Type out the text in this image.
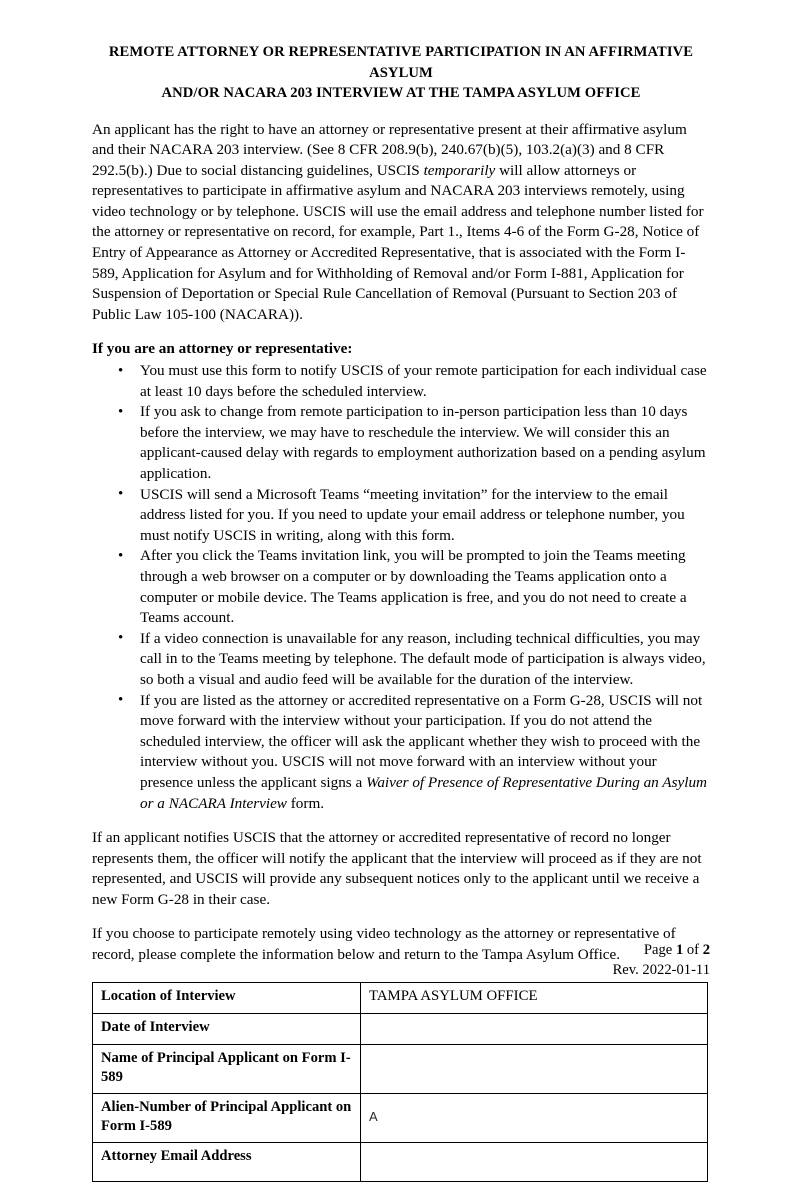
REMOTE ATTORNEY OR REPRESENTATIVE PARTICIPATION IN AN AFFIRMATIVE ASYLUM
AND/OR NACARA 203 INTERVIEW AT THE TAMPA ASYLUM OFFICE

An applicant has the right to have an attorney or representative present at their affirmative asylum and their NACARA 203 interview. (See 8 CFR 208.9(b), 240.67(b)(5), 103.2(a)(3) and 8 CFR 292.5(b).) Due to social distancing guidelines, USCIS temporarily will allow attorneys or representatives to participate in affirmative asylum and NACARA 203 interviews remotely, using video technology or by telephone. USCIS will use the email address and telephone number listed for the attorney or representative on record, for example, Part 1., Items 4-6 of the Form G-28, Notice of Entry of Appearance as Attorney or Accredited Representative, that is associated with the Form I-589, Application for Asylum and for Withholding of Removal and/or Form I-881, Application for Suspension of Deportation or Special Rule Cancellation of Removal (Pursuant to Section 203 of Public Law 105-100 (NACARA)).

If you are an attorney or representative:
• You must use this form to notify USCIS of your remote participation for each individual case at least 10 days before the scheduled interview.
• If you ask to change from remote participation to in-person participation less than 10 days before the interview, we may have to reschedule the interview. We will consider this an applicant-caused delay with regards to employment authorization based on a pending asylum application.
• USCIS will send a Microsoft Teams “meeting invitation” for the interview to the email address listed for you. If you need to update your email address or telephone number, you must notify USCIS in writing, along with this form.
• After you click the Teams invitation link, you will be prompted to join the Teams meeting through a web browser on a computer or by downloading the Teams application onto a computer or mobile device. The Teams application is free, and you do not need to create a Teams account.
• If a video connection is unavailable for any reason, including technical difficulties, you may call in to the Teams meeting by telephone. The default mode of participation is always video, so both a visual and audio feed will be available for the duration of the interview.
• If you are listed as the attorney or accredited representative on a Form G-28, USCIS will not move forward with the interview without your participation. If you do not attend the scheduled interview, the officer will ask the applicant whether they wish to proceed with the interview without you. USCIS will not move forward with an interview without your presence unless the applicant signs a Waiver of Presence of Representative During an Asylum or a NACARA Interview form.

If an applicant notifies USCIS that the attorney or accredited representative of record no longer represents them, the officer will notify the applicant that the interview will proceed as if they are not represented, and USCIS will provide any subsequent notices only to the applicant until we receive a new Form G-28 in their case.

If you choose to participate remotely using video technology as the attorney or representative of record, please complete the information below and return to the Tampa Asylum Office.

Location of Interview	TAMPA ASYLUM OFFICE
Date of Interview	
Name of Principal Applicant on Form I-589	
Alien-Number of Principal Applicant on Form I-589	A

Attorney Email Address	
Page 1 of 2
Rev. 2022-01-11
